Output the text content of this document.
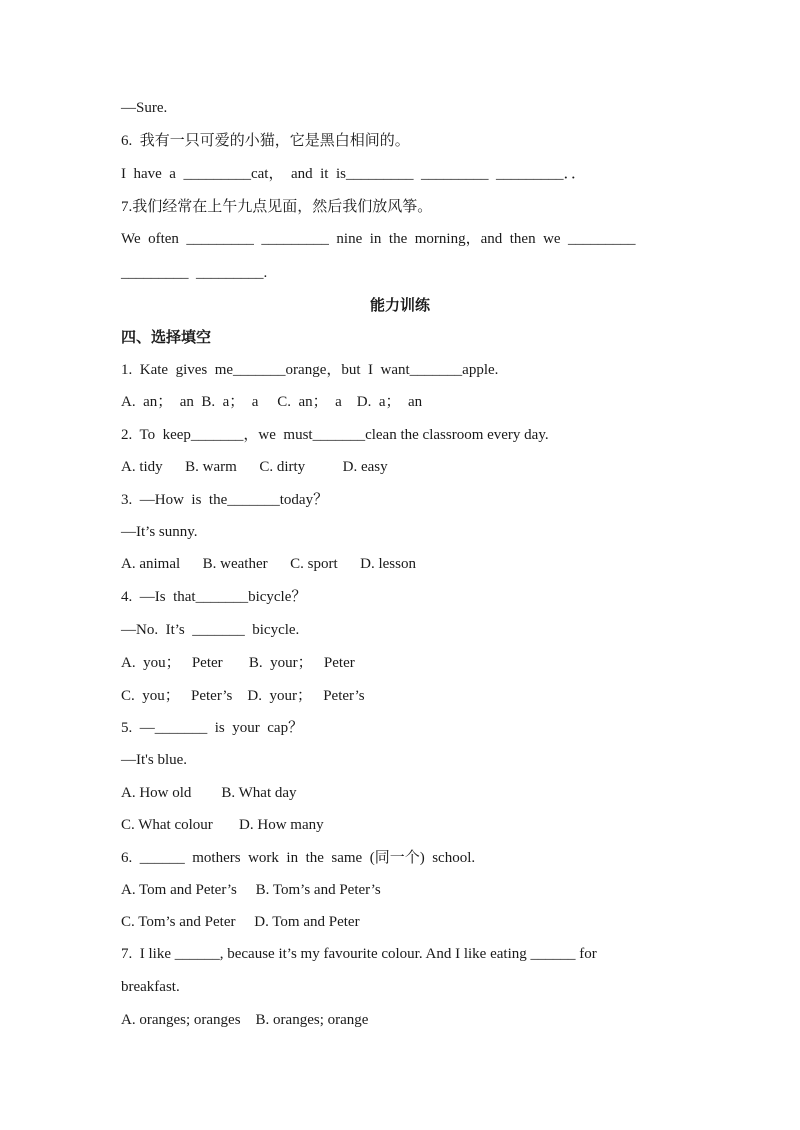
—Sure.
6.  我有一只可爱的小猫，它是黑白相间的。
I  have  a  _________cat，  and  it  is_________  _________  _________．．
7.我们经常在上午九点见面，然后我们放风筝。
We  often  _________  _________  nine  in  the  morning，and  then  we  _________
_________  _________.
能力训练
四、选择填空
1.  Kate  gives  me_______orange，but  I  want_______apple.
A.  an；  an  B.  a；  a     C.  an；  a    D.  a；  an
2.  To  keep_______，we  must_______clean the classroom every day.
A. tidy      B. warm      C. dirty          D. easy
3.  —How  is  the_______today？
—It’s sunny.
A. animal      B. weather      C. sport      D. lesson
4.  —Is  that_______bicycle？
—No.  It’s  _______  bicycle.
A.  you；   Peter       B.  your；   Peter
C.  you；   Peter’s    D.  your；   Peter’s
5.  —_______  is  your  cap？
—It's blue.
A. How old        B. What day
C. What colour       D. How many
6.  ______  mothers  work  in  the  same  (同一个)  school.
A. Tom and Peter’s     B. Tom’s and Peter’s
C. Tom’s and Peter     D. Tom and Peter
7.  I like ______, because it’s my favourite colour. And I like eating ______ for
breakfast.
A. oranges; oranges    B. oranges; orange
